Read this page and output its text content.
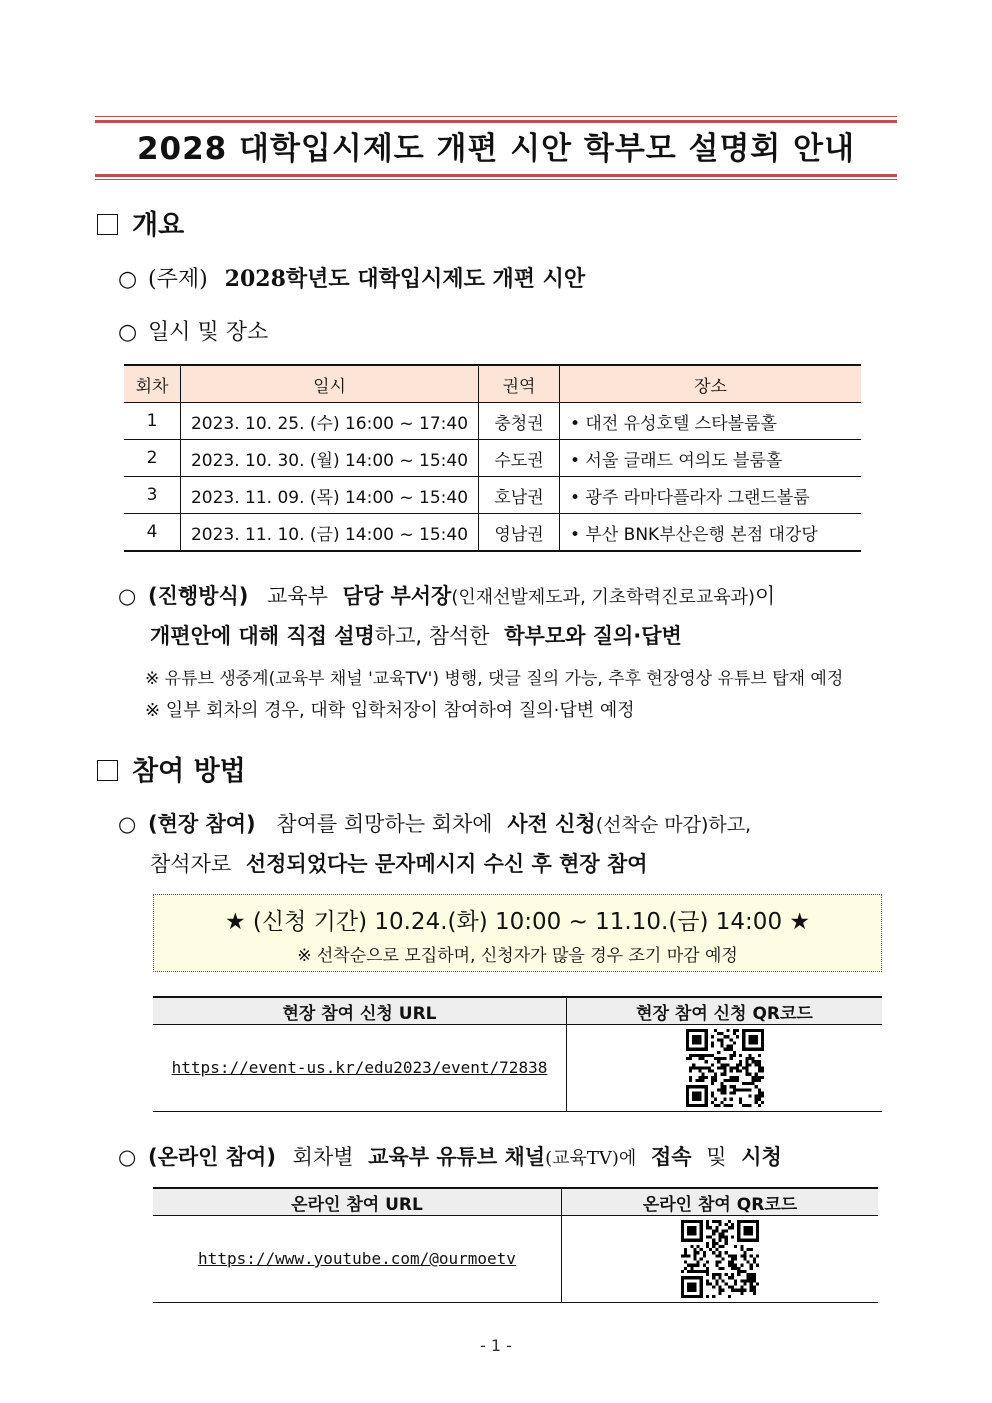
2028 대학입시제도 개편 시안 학부모 설명회 안내
개요
○ (주제) 2028학년도 대학입시제도 개편 시안
○ 일시 및 장소
회차	일시	권역	장소
1	2023. 10. 25. (수) 16:00 ~ 17:40	충청권	• 대전 유성호텔 스타볼룸홀
2	2023. 10. 30. (월) 14:00 ~ 15:40	수도권	• 서울 글래드 여의도 블룸홀
3	2023. 11. 09. (목) 14:00 ~ 15:40	호남권	• 광주 라마다플라자 그랜드볼룸
4	2023. 11. 10. (금) 14:00 ~ 15:40	영남권	• 부산 BNK부산은행 본점 대강당
○ (진행방식) 교육부 담당 부서장(인재선발제도과, 기초학력진로교육과)이
개편안에 대해 직접 설명하고, 참석한 학부모와 질의·답변
※ 유튜브 생중계(교육부 채널 '교육TV') 병행, 댓글 질의 가능, 추후 현장영상 유튜브 탑재 예정
※ 일부 회차의 경우, 대학 입학처장이 참여하여 질의·답변 예정
참여 방법
○ (현장 참여) 참여를 희망하는 회차에 사전 신청(선착순 마감)하고,
참석자로 선정되었다는 문자메시지 수신 후 현장 참여
★ (신청 기간) 10.24.(화) 10:00 ~ 11.10.(금) 14:00 ★
※ 선착순으로 모집하며, 신청자가 많을 경우 조기 마감 예정
현장 참여 신청 URL	현장 참여 신청 QR코드
https://event-us.kr/edu2023/event/72838	
○ (온라인 참여) 회차별 교육부 유튜브 채널(교육TV)에 접속 및 시청
온라인 참여 URL	온라인 참여 QR코드
https://www.youtube.com/@ourmoetv	
- 1 -
